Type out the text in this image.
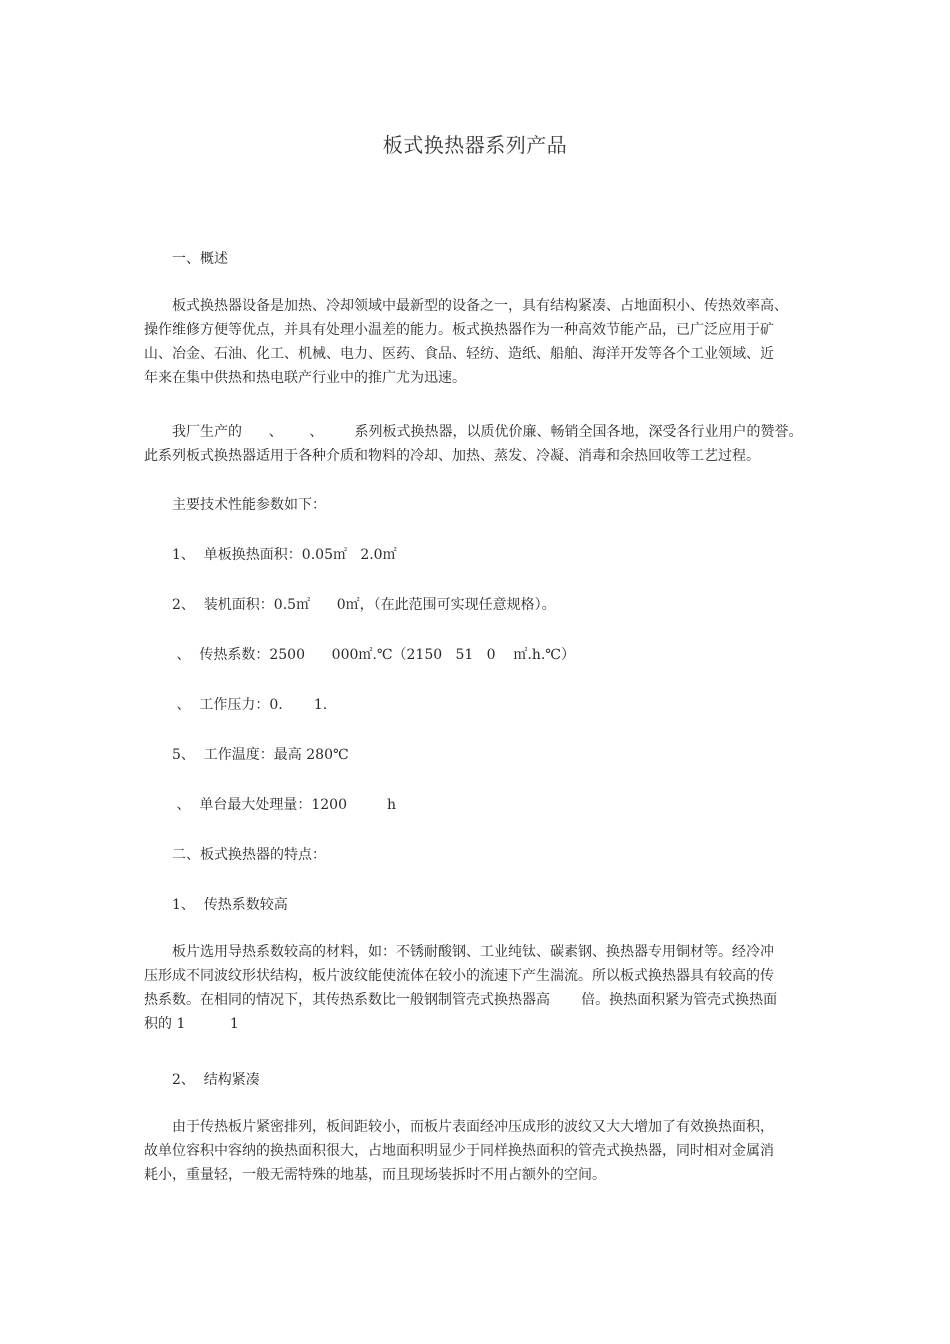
板式换热器系列产品
一、概述
板式换热器设备是加热、冷却领域中最新型的设备之一，具有结构紧凑、占地面积小、传热效率高、
操作维修方便等优点，并具有处理小温差的能力。板式换热器作为一种高效节能产品，已广泛应用于矿
山、冶金、石油、化工、机械、电力、医药、食品、轻纺、造纸、船舶、海洋开发等各个工业领域、近
年来在集中供热和热电联产行业中的推广尤为迅速。
我厂生产的      、      、       系列板式换热器，以质优价廉、畅销全国各地，深受各行业用户的赞誉。
此系列板式换热器适用于各种介质和物料的冷却、加热、蒸发、冷凝、消毒和余热回收等工艺过程。
主要技术性能参数如下：
1、  单板换热面积：0.05㎡   2.0㎡
2、  装机面积：0.5㎡      0㎡，（在此范围可实现任意规格）。
、  传热系数：2500      000㎡.℃（2150   51   0    ㎡.h.℃）
、  工作压力：0.       1.
5、  工作温度：最高 280℃
、  单台最大处理量：1200         h
二、板式换热器的特点：
1、  传热系数较高
板片选用导热系数较高的材料，如：不锈耐酸钢、工业纯钛、碳素钢、换热器专用铜材等。经冷冲
压形成不同波纹形状结构，板片波纹能使流体在较小的流速下产生湍流。所以板式换热器具有较高的传
热系数。在相同的情况下，其传热系数比一般钢制管壳式换热器高       倍。换热面积紧为管壳式换热面
积的 1          1
2、  结构紧凑
由于传热板片紧密排列，板间距较小，而板片表面经冲压成形的波纹又大大增加了有效换热面积，
故单位容积中容纳的换热面积很大，占地面积明显少于同样换热面积的管壳式换热器，同时相对金属消
耗小，重量轻，一般无需特殊的地基，而且现场装拆时不用占额外的空间。
